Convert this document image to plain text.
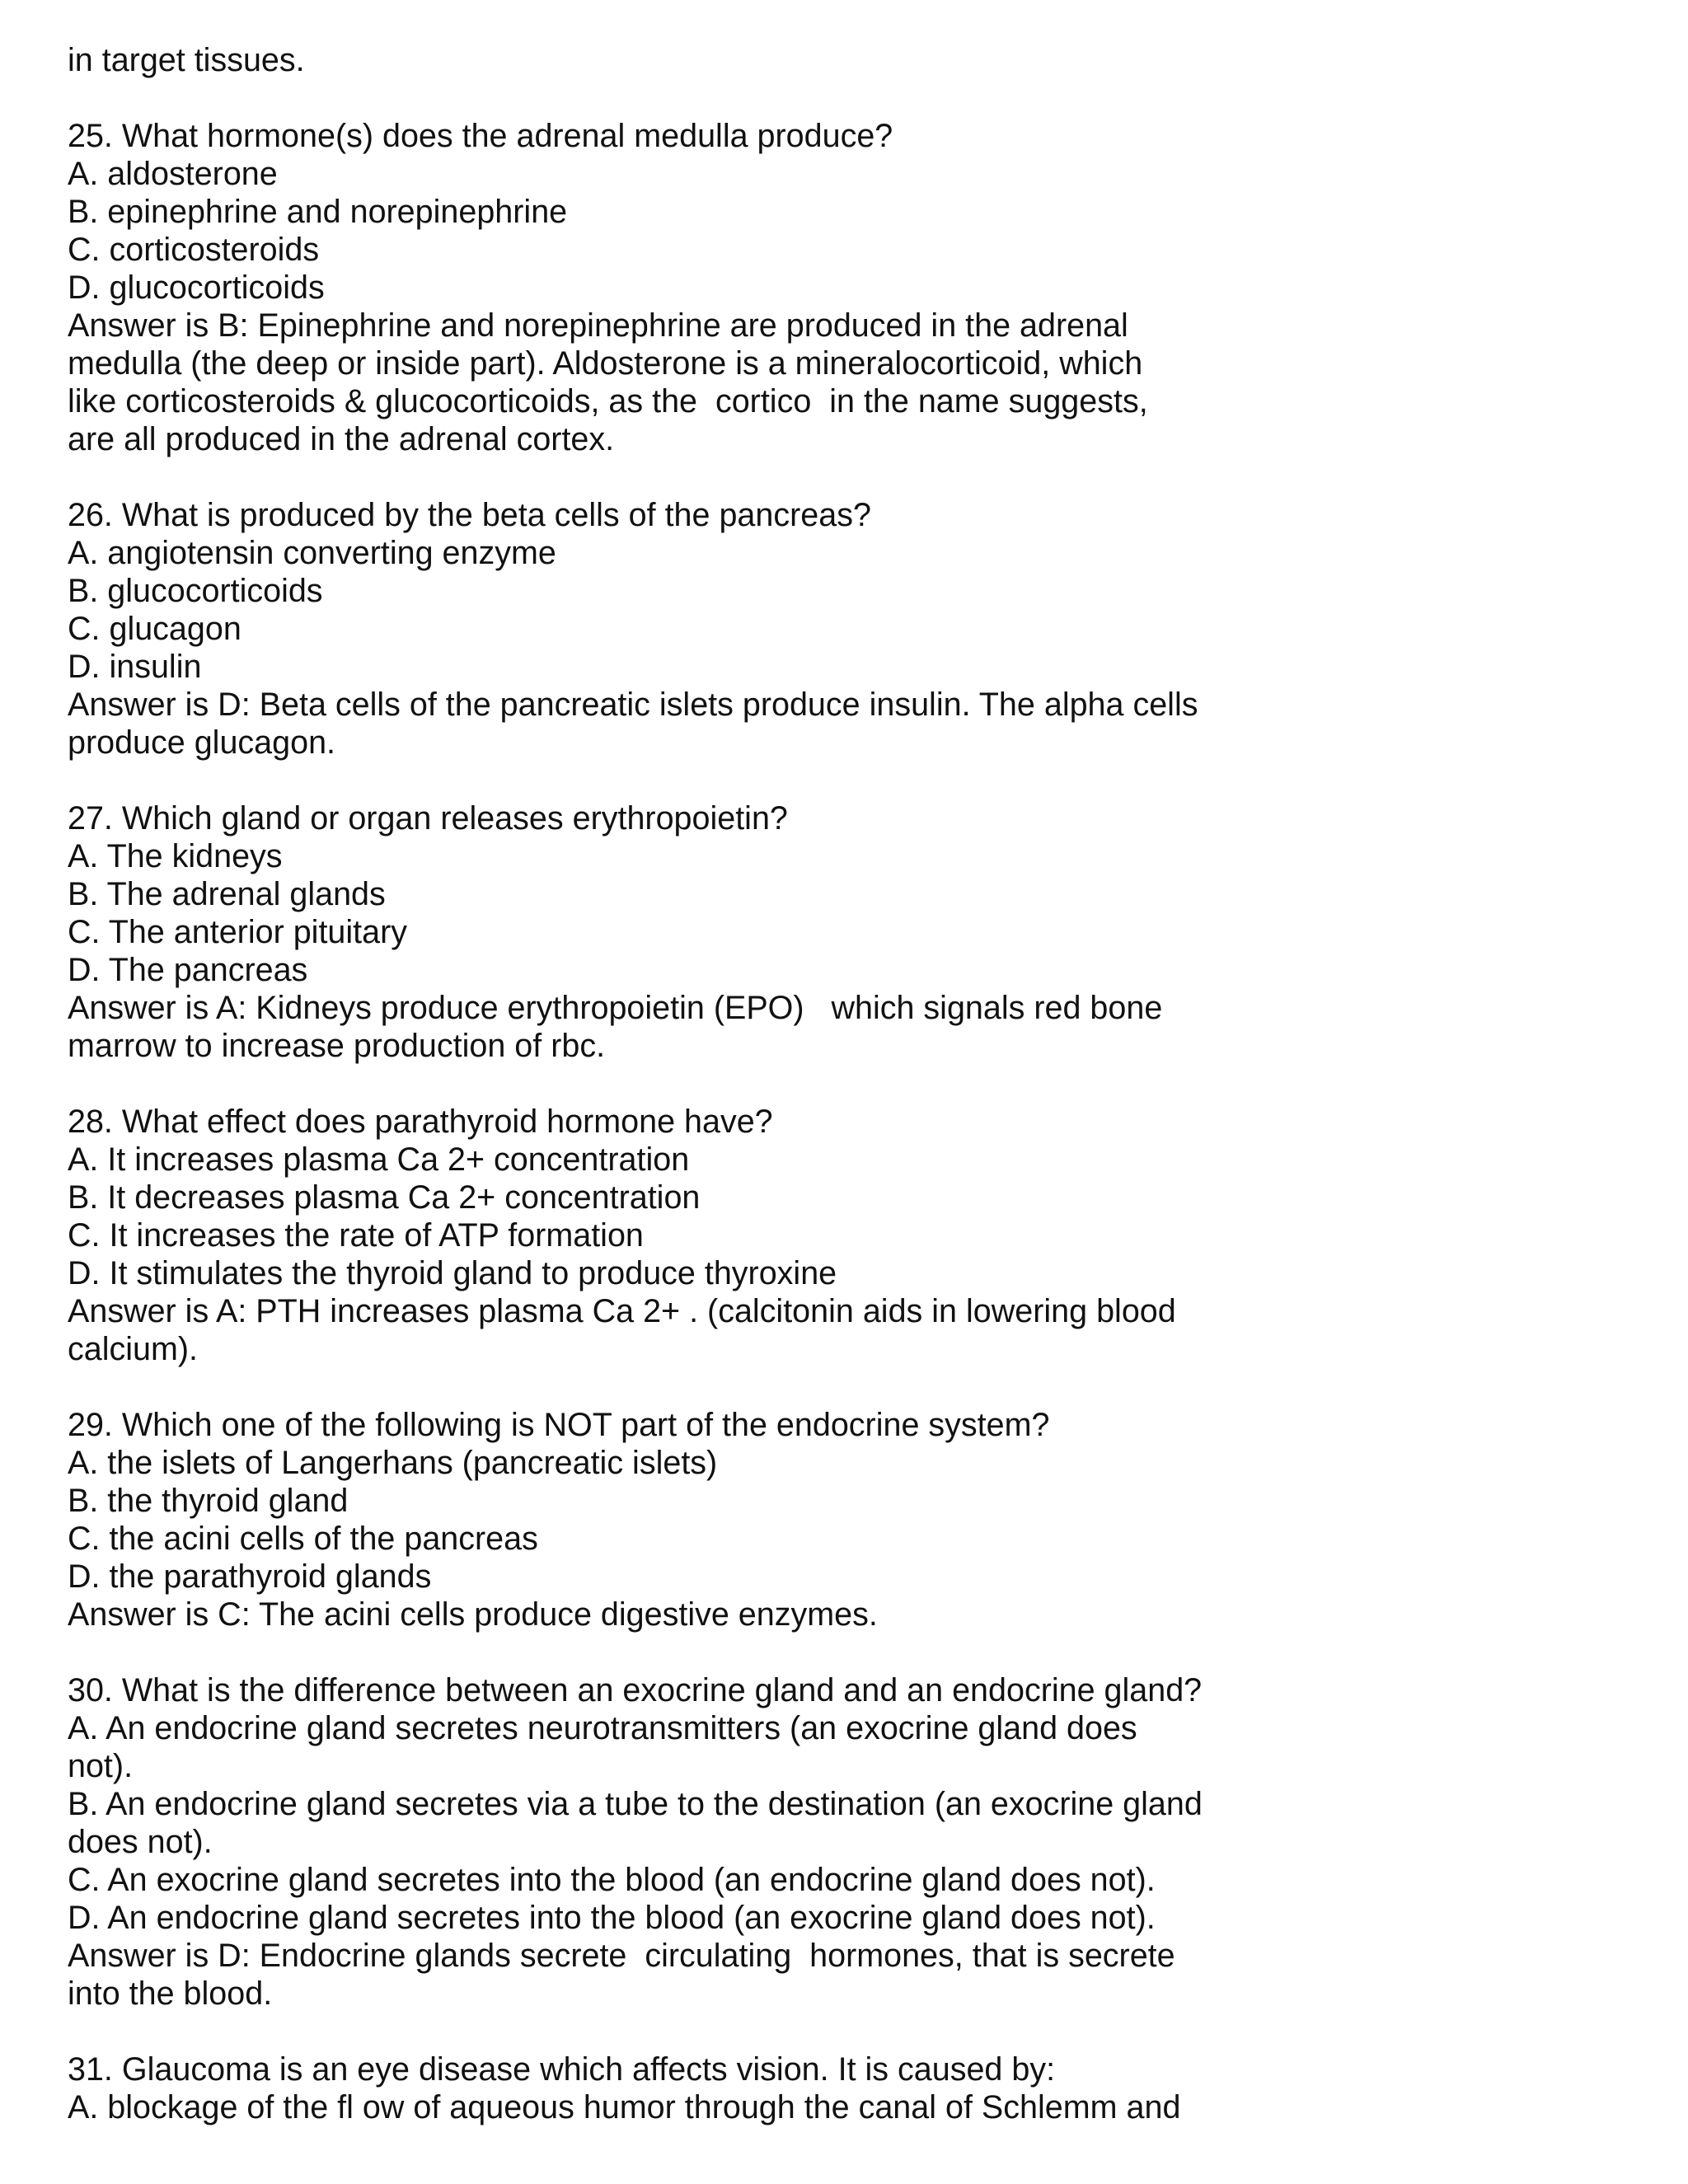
in target tissues.
25. What hormone(s) does the adrenal medulla produce?
A. aldosterone
B. epinephrine and norepinephrine
C. corticosteroids
D. glucocorticoids
Answer is B: Epinephrine and norepinephrine are produced in the adrenal
medulla (the deep or inside part). Aldosterone is a mineralocorticoid, which
like corticosteroids & glucocorticoids, as the  cortico  in the name suggests,
are all produced in the adrenal cortex.
26. What is produced by the beta cells of the pancreas?
A. angiotensin converting enzyme
B. glucocorticoids
C. glucagon
D. insulin
Answer is D: Beta cells of the pancreatic islets produce insulin. The alpha cells
produce glucagon.
27. Which gland or organ releases erythropoietin?
A. The kidneys
B. The adrenal glands
C. The anterior pituitary
D. The pancreas
Answer is A: Kidneys produce erythropoietin (EPO)   which signals red bone
marrow to increase production of rbc.
28. What effect does parathyroid hormone have?
A. It increases plasma Ca 2+ concentration
B. It decreases plasma Ca 2+ concentration
C. It increases the rate of ATP formation
D. It stimulates the thyroid gland to produce thyroxine
Answer is A: PTH increases plasma Ca 2+ . (calcitonin aids in lowering blood
calcium).
29. Which one of the following is NOT part of the endocrine system?
A. the islets of Langerhans (pancreatic islets)
B. the thyroid gland
C. the acini cells of the pancreas
D. the parathyroid glands
Answer is C: The acini cells produce digestive enzymes.
30. What is the difference between an exocrine gland and an endocrine gland?
A. An endocrine gland secretes neurotransmitters (an exocrine gland does
not).
B. An endocrine gland secretes via a tube to the destination (an exocrine gland
does not).
C. An exocrine gland secretes into the blood (an endocrine gland does not).
D. An endocrine gland secretes into the blood (an exocrine gland does not).
Answer is D: Endocrine glands secrete  circulating  hormones, that is secrete
into the blood.
31. Glaucoma is an eye disease which affects vision. It is caused by:
A. blockage of the fl ow of aqueous humor through the canal of Schlemm and
